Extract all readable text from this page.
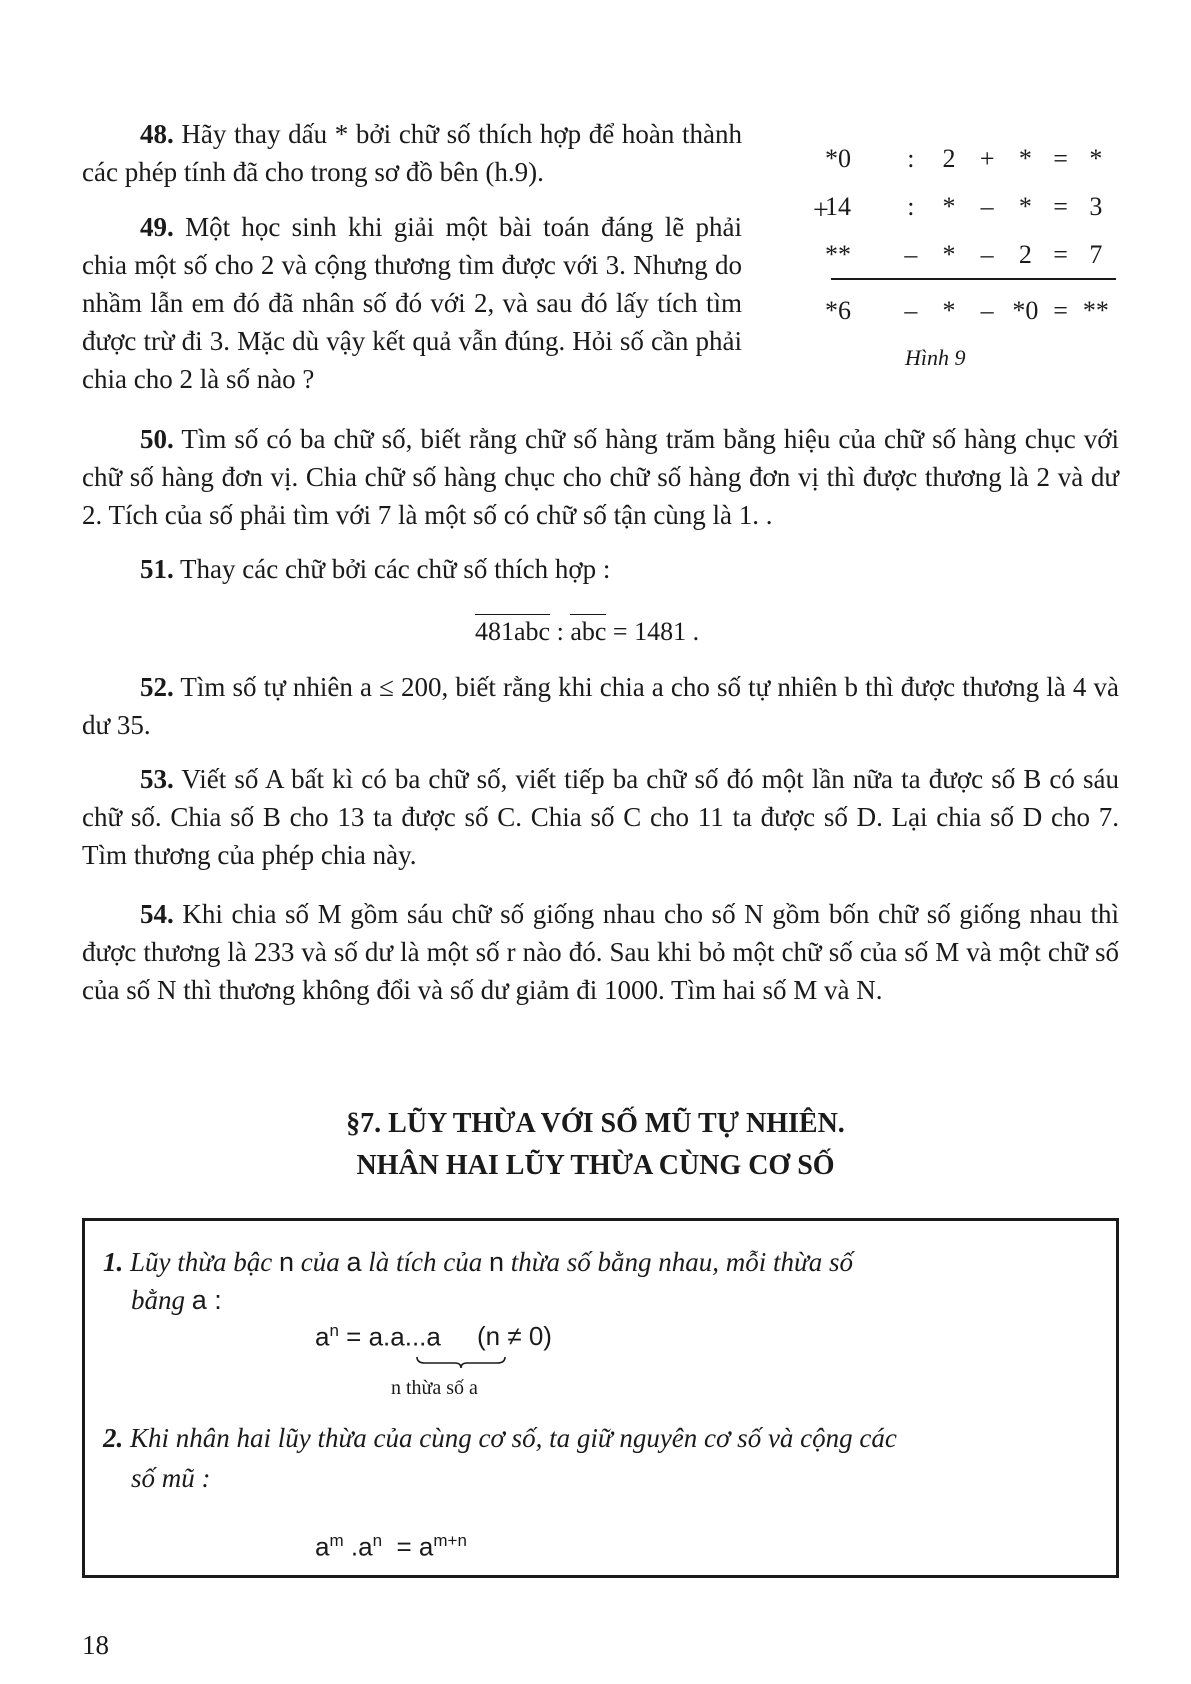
48. Hãy thay dấu * bởi chữ số thích hợp để hoàn thành các phép tính đã cho trong sơ đồ bên (h.9).

49. Một học sinh khi giải một bài toán đáng lẽ phải chia một số cho 2 và cộng thương tìm được với 3. Nhưng do nhầm lẫn em đó đã nhân số đó với 2, và sau đó lấy tích tìm được trừ đi 3. Mặc dù vậy kết quả vẫn đúng. Hỏi số cần phải chia cho 2 là số nào ?

+
*0	:	2 + * = *
14	:	* – * = 3
**	– * – 2 = 7
*6	– * – *0 = **
Hình 9

50. Tìm số có ba chữ số, biết rằng chữ số hàng trăm bằng hiệu của chữ số hàng chục với chữ số hàng đơn vị. Chia chữ số hàng chục cho chữ số hàng đơn vị thì được thương là 2 và dư 2. Tích của số phải tìm với 7 là một số có chữ số tận cùng là 1. .

51. Thay các chữ bởi các chữ số thích hợp :

481abc : abc = 1481 .

52. Tìm số tự nhiên a ≤ 200, biết rằng khi chia a cho số tự nhiên b thì được thương là 4 và dư 35.

53. Viết số A bất kì có ba chữ số, viết tiếp ba chữ số đó một lần nữa ta được số B có sáu chữ số. Chia số B cho 13 ta được số C. Chia số C cho 11 ta được số D. Lại chia số D cho 7. Tìm thương của phép chia này.

54. Khi chia số M gồm sáu chữ số giống nhau cho số N gồm bốn chữ số giống nhau thì được thương là 233 và số dư là một số r nào đó. Sau khi bỏ một chữ số của số M và một chữ số của số N thì thương không đổi và số dư giảm đi 1000. Tìm hai số M và N.

§7. LŨY THỪA VỚI SỐ MŨ TỰ NHIÊN.
NHÂN HAI LŨY THỪA CÙNG CƠ SỐ

1. Lũy thừa bậc n của a là tích của n thừa số bằng nhau, mỗi thừa số

bằng a :

$a^n = a.a...a$
n thừa số a
(n ≠ 0)

2. Khi nhân hai lũy thừa của cùng cơ số, ta giữ nguyên cơ số và cộng các

số mũ :

$a^m$ $.a^n = a^{m+n}$
18
